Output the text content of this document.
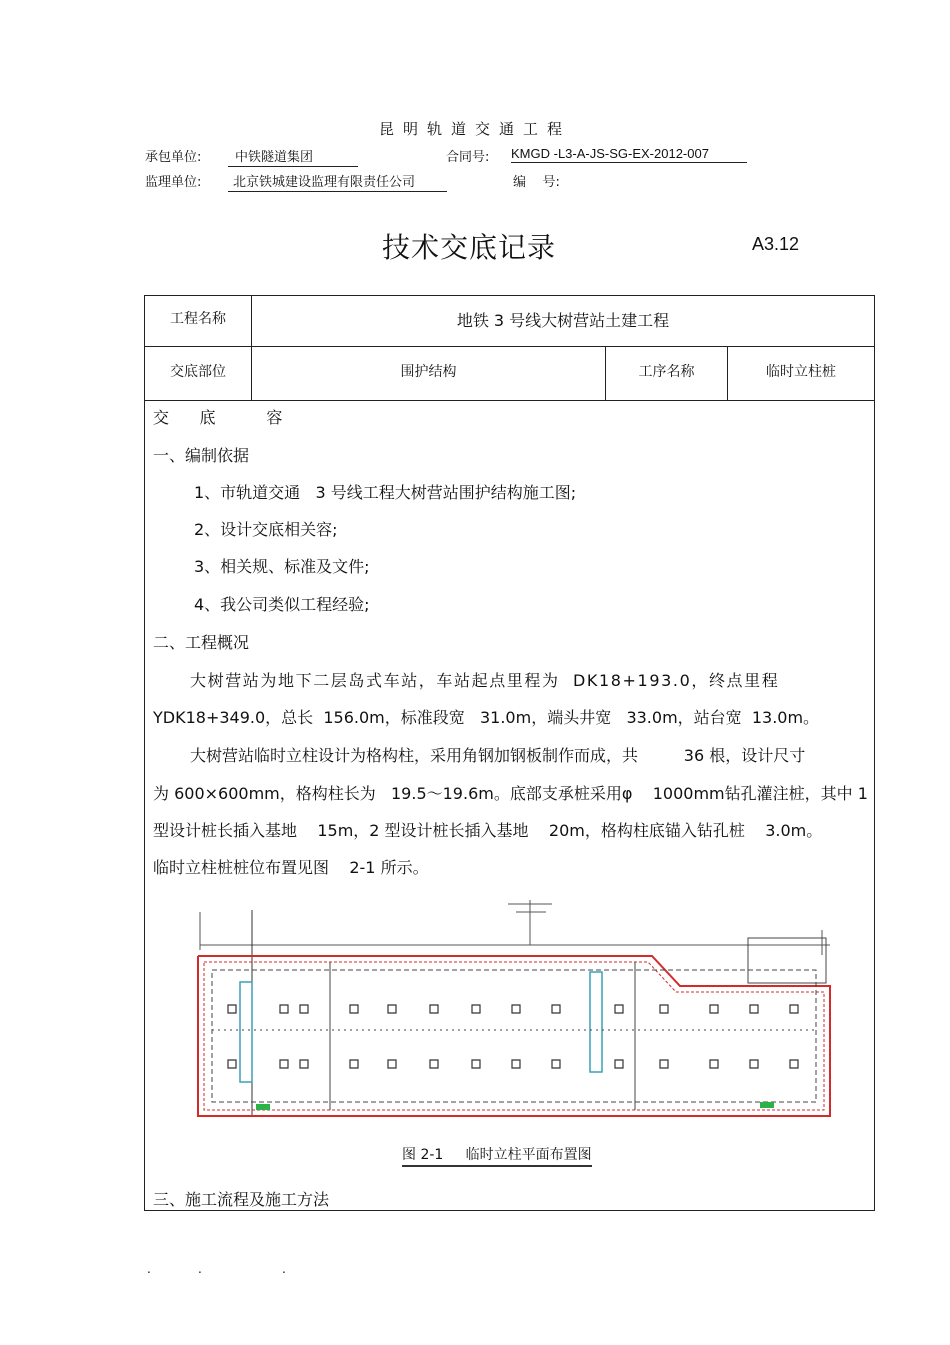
昆明轨道交通工程
承包单位:	中铁隧道集团	合同号: KMGD -L3-A-JS-SG-EX-2012-007
监理单位:	北京铁城建设监理有限责任公司	编    号:
技术交底记录	A3.12
工程名称	地铁 3 号线大树营站土建工程
交底部位	围护结构	工序名称	临时立柱桩
交      底          容
一、编制依据
1、市轨道交通   3 号线工程大树营站围护结构施工图;
2、设计交底相关容;
3、相关规、标准及文件;
4、我公司类似工程经验;
二、工程概况
大树营站为地下二层岛式车站，车站起点里程为  DK18+193.0，终点里程
YDK18+349.0，总长  156.0m，标准段宽   31.0m，端头井宽   33.0m，站台宽  13.0m。
大树营站临时立柱设计为格构柱，采用角钢加钢板制作而成，共         36 根，设计尺寸
为 600×600mm，格构柱长为   19.5～19.6m。底部支承桩采用φ    1000mm钻孔灌注桩，其中 1
型设计桩长插入基地    15m，2 型设计桩长插入基地    20m，格构柱底锚入钻孔桩    3.0m。
临时立柱桩桩位布置见图    2-1 所示。
图 2-1     临时立柱平面布置图
三、施工流程及施工方法
.	.	.
